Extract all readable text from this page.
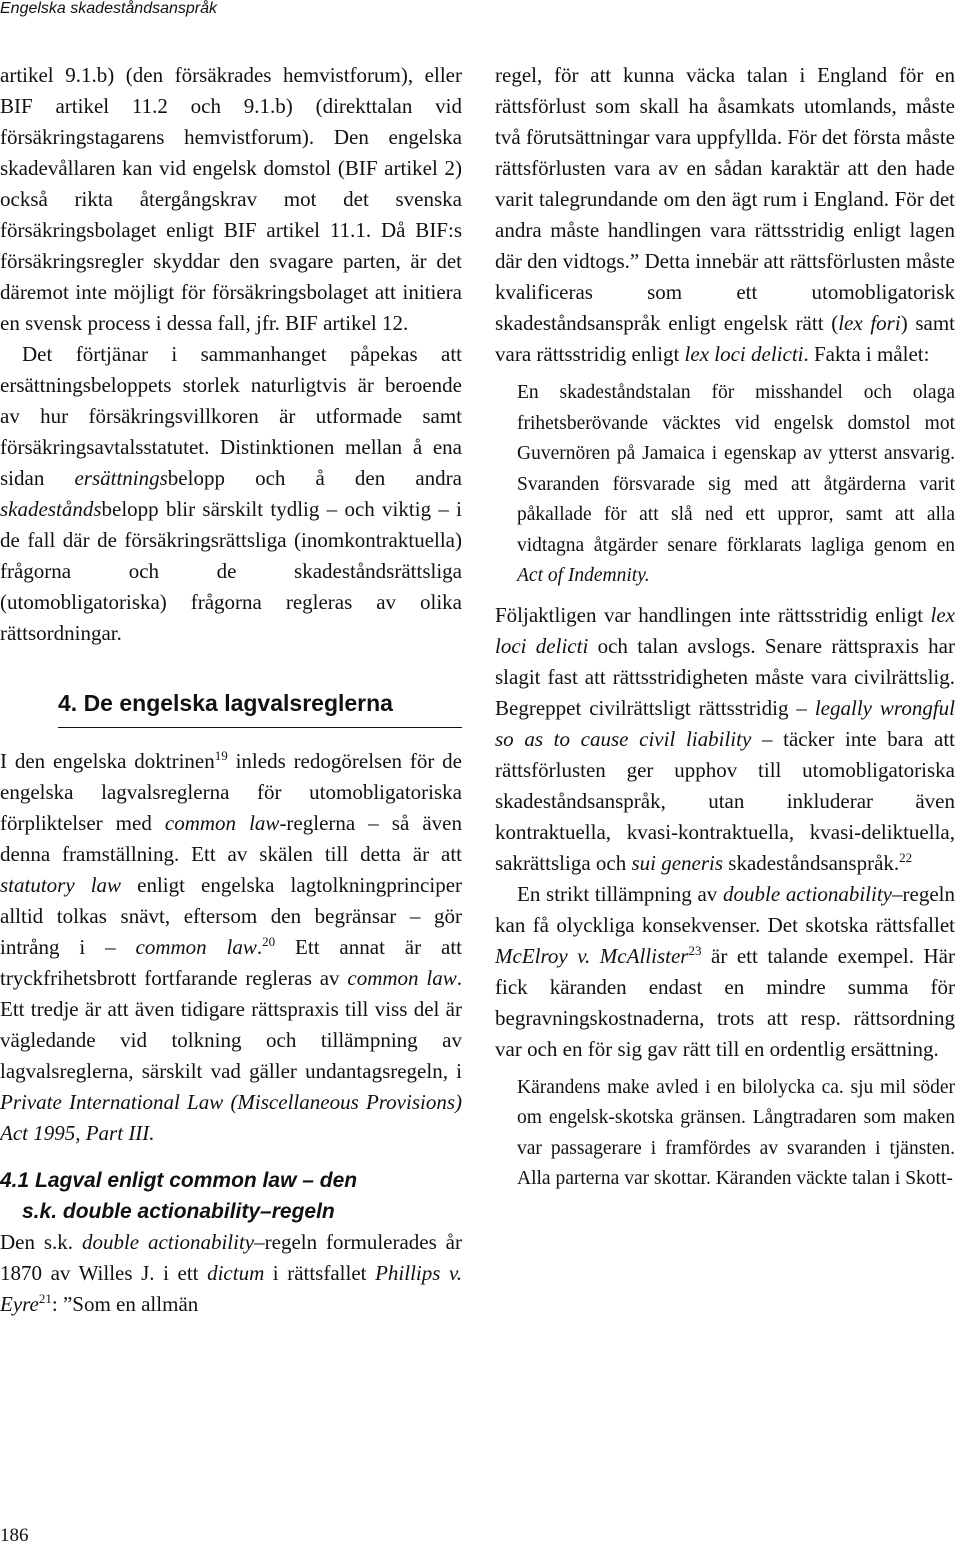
Engelska skadeståndsanspråk

artikel 9.1.b) (den försäkrades hemvistforum), eller BIF artikel 11.2 och 9.1.b) (direkttalan vid försäkringstagarens hemvistforum). Den engelska skadevållaren kan vid engelsk domstol (BIF artikel 2) också rikta återgångskrav mot det svenska försäkringsbolaget enligt BIF artikel 11.1. Då BIF:s försäkringsregler skyddar den svagare parten, är det däremot inte möjligt för försäkringsbolaget att initiera en svensk process i dessa fall, jfr. BIF artikel 12.

Det förtjänar i sammanhanget påpekas att ersättningsbeloppets storlek naturligtvis är beroende av hur försäkringsvillkoren är utformade samt försäkringsavtalsstatutet. Distinktionen mellan å ena sidan ersättningsbelopp och å den andra skadeståndsbelopp blir särskilt tydlig – och viktig – i de fall där de försäkringsrättsliga (inomkontraktuella) frågorna och de skadeståndsrättsliga (utomobligatoriska) frågorna regleras av olika rättsordningar.

4. De engelska lagvalsreglerna

I den engelska doktrinen$^{19}$ inleds redogörelsen för de engelska lagvalsreglerna för utomobligatoriska förpliktelser med common law-reglerna – så även denna framställning. Ett av skälen till detta är att statutory law enligt engelska lagtolkningprinciper alltid tolkas snävt, eftersom den begränsar – gör intrång i – common law.$^{20}$ Ett annat är att tryckfrihetsbrott fortfarande regleras av common law. Ett tredje är att även tidigare rättspraxis till viss del är vägledande vid tolkning och tillämpning av lagvalsreglerna, särskilt vad gäller undantagsregeln, i Private International Law (Miscellaneous Provisions) Act 1995, Part III.

4.1 Lagval enligt common law – den
s.k. double actionability–regeln

Den s.k. double actionability–regeln formulerades år 1870 av Willes J. i ett dictum i rättsfallet Phillips v. Eyre$^{21}$: ”Som en allmän

regel, för att kunna väcka talan i England för en rättsförlust som skall ha åsamkats utomlands, måste två förutsättningar vara uppfyllda. För det första måste rättsförlusten vara av en sådan karaktär att den hade varit talegrundande om den ägt rum i England. För det andra måste handlingen vara rättsstridig enligt lagen där den vidtogs.” Detta innebär att rättsförlusten måste kvalificeras som ett utomobligatorisk skadeståndsanspråk enligt engelsk rätt (lex fori) samt vara rättsstridig enligt lex loci delicti. Fakta i målet:

En skadeståndstalan för misshandel och olaga frihetsberövande väcktes vid engelsk domstol mot Guvernören på Jamaica i egenskap av ytterst ansvarig. Svaranden försvarade sig med att åtgärderna varit påkallade för att slå ned ett uppror, samt att alla vidtagna åtgärder senare förklarats lagliga genom en Act of Indemnity.

Följaktligen var handlingen inte rättsstridig enligt lex loci delicti och talan avslogs. Senare rättspraxis har slagit fast att rättsstridigheten måste vara civilrättslig. Begreppet civilrättsligt rättsstridig – legally wrongful so as to cause civil liability – täcker inte bara att rättsförlusten ger upphov till utomobligatoriska skadeståndsanspråk, utan inkluderar även kontraktuella, kvasi-kontraktuella, kvasi-deliktuella, sakrättsliga och sui generis skadeståndsanspråk.$^{22}$

En strikt tillämpning av double actionability–regeln kan få olyckliga konsekvenser. Det skotska rättsfallet McElroy v. McAllister$^{23}$ är ett talande exempel. Här fick käranden endast en mindre summa för begravningskostnaderna, trots att resp. rättsordning var och en för sig gav rätt till en ordentlig ersättning.

Kärandens make avled i en bilolycka ca. sju mil söder om engelsk-skotska gränsen. Långtradaren som maken var passagerare i framfördes av svaranden i tjänsten. Alla parterna var skottar. Käranden väckte talan i Skott-

186
